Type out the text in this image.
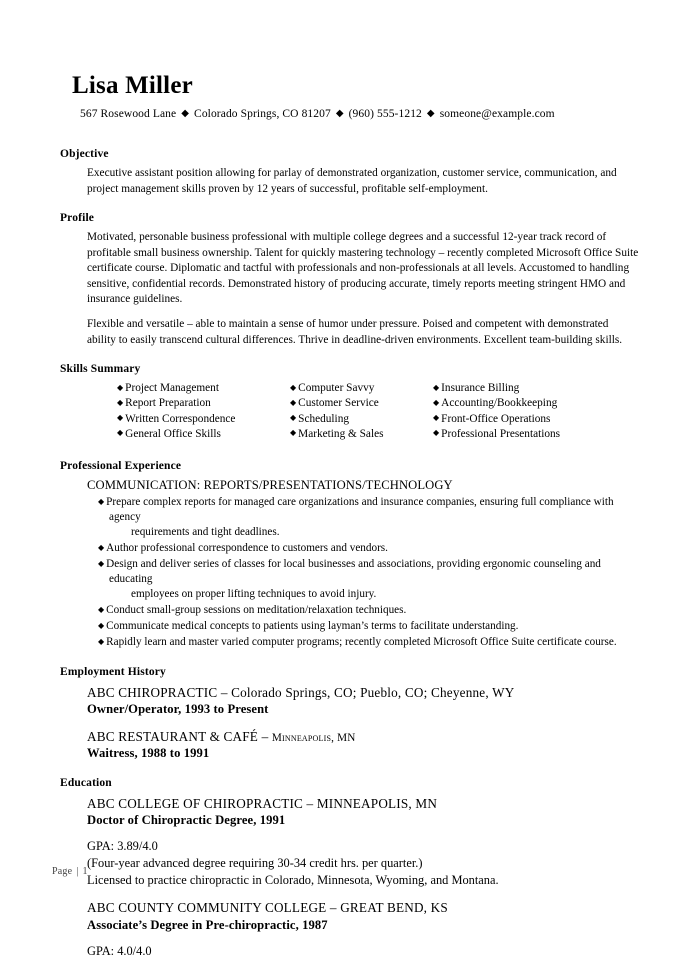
Lisa Miller
567 Rosewood Lane ◆ Colorado Springs, CO 81207 ◆ (960) 555-1212 ◆ someone@example.com
Objective

Executive assistant position allowing for parlay of demonstrated organization, customer service, communication, and project management skills proven by 12 years of successful, profitable self-employment.

Profile

Motivated, personable business professional with multiple college degrees and a successful 12-year track record of profitable small business ownership. Talent for quickly mastering technology – recently completed Microsoft Office Suite certificate course. Diplomatic and tactful with professionals and non-professionals at all levels. Accustomed to handling sensitive, confidential records. Demonstrated history of producing accurate, timely reports meeting stringent HMO and insurance guidelines.

Flexible and versatile – able to maintain a sense of humor under pressure. Poised and competent with demonstrated ability to easily transcend cultural differences. Thrive in deadline-driven environments. Excellent team-building skills.

Skills Summary
◆ Project Management
◆ Report Preparation
◆ Written Correspondence
◆ General Office Skills
◆ Computer Savvy
◆ Customer Service
◆ Scheduling
◆ Marketing & Sales
◆ Insurance Billing
◆ Accounting/Bookkeeping
◆ Front-Office Operations
◆ Professional Presentations
Professional Experience
COMMUNICATION: REPORTS/PRESENTATIONS/TECHNOLOGY
◆ Prepare complex reports for managed care organizations and insurance companies, ensuring full compliance with agency
requirements and tight deadlines.
◆ Author professional correspondence to customers and vendors.
◆ Design and deliver series of classes for local businesses and associations, providing ergonomic counseling and educating
employees on proper lifting techniques to avoid injury.
◆ Conduct small-group sessions on meditation/relaxation techniques.
◆ Communicate medical concepts to patients using layman’s terms to facilitate understanding.
◆ Rapidly learn and master varied computer programs; recently completed Microsoft Office Suite certificate course.
Employment History
ABC CHIROPRACTIC – Colorado Springs, CO; Pueblo, CO; Cheyenne, WY
Owner/Operator, 1993 to Present
ABC RESTAURANT & CAFÉ – Minneapolis, MN
Waitress, 1988 to 1991
Education
ABC COLLEGE OF CHIROPRACTIC – MINNEAPOLIS, MN
Doctor of Chiropractic Degree, 1991
GPA: 3.89/4.0
(Four-year advanced degree requiring 30-34 credit hrs. per quarter.)
Licensed to practice chiropractic in Colorado, Minnesota, Wyoming, and Montana.
ABC COUNTY COMMUNITY COLLEGE – GREAT BEND, KS
Associate’s Degree in Pre-chiropractic, 1987
GPA: 4.0/4.0
Page | 1
